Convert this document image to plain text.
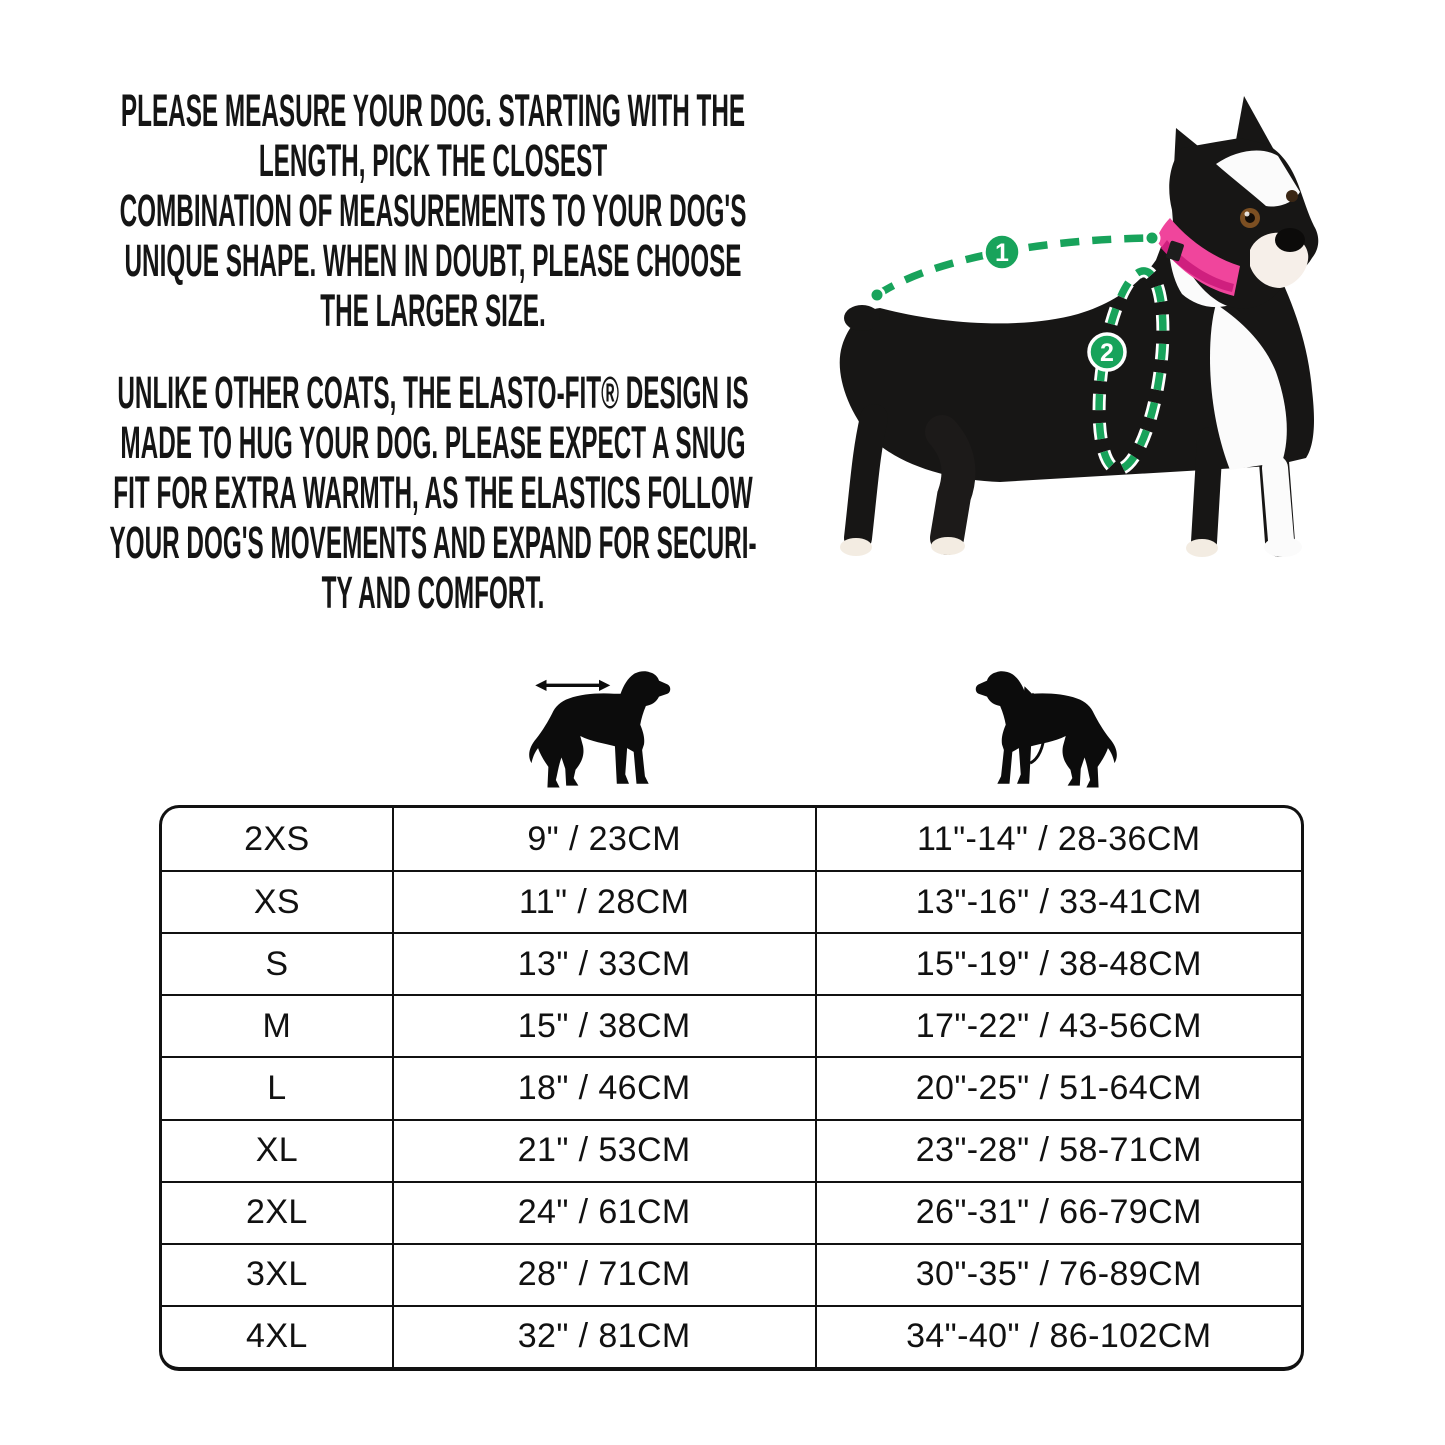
PLEASE MEASURE YOUR DOG. STARTING WITH THE
LENGTH, PICK THE CLOSEST
COMBINATION OF MEASUREMENTS TO YOUR DOG'S
UNIQUE SHAPE. WHEN IN DOUBT, PLEASE CHOOSE
THE LARGER SIZE.
UNLIKE OTHER COATS, THE ELASTO-FIT® DESIGN IS
MADE TO HUG YOUR DOG. PLEASE EXPECT A SNUG
FIT FOR EXTRA WARMTH, AS THE ELASTICS FOLLOW
YOUR DOG'S MOVEMENTS AND EXPAND FOR SECURI-
TY AND COMFORT.
1
2
2XS	9" / 23CM	11"-14" / 28-36CM
XS	11" / 28CM	13"-16" / 33-41CM
S	13" / 33CM	15"-19" / 38-48CM
M	15" / 38CM	17"-22" / 43-56CM
L	18" / 46CM	20"-25" / 51-64CM
XL	21" / 53CM	23"-28" / 58-71CM
2XL	24" / 61CM	26"-31" / 66-79CM
3XL	28" / 71CM	30"-35" / 76-89CM
4XL	32" / 81CM	34"-40" / 86-102CM
